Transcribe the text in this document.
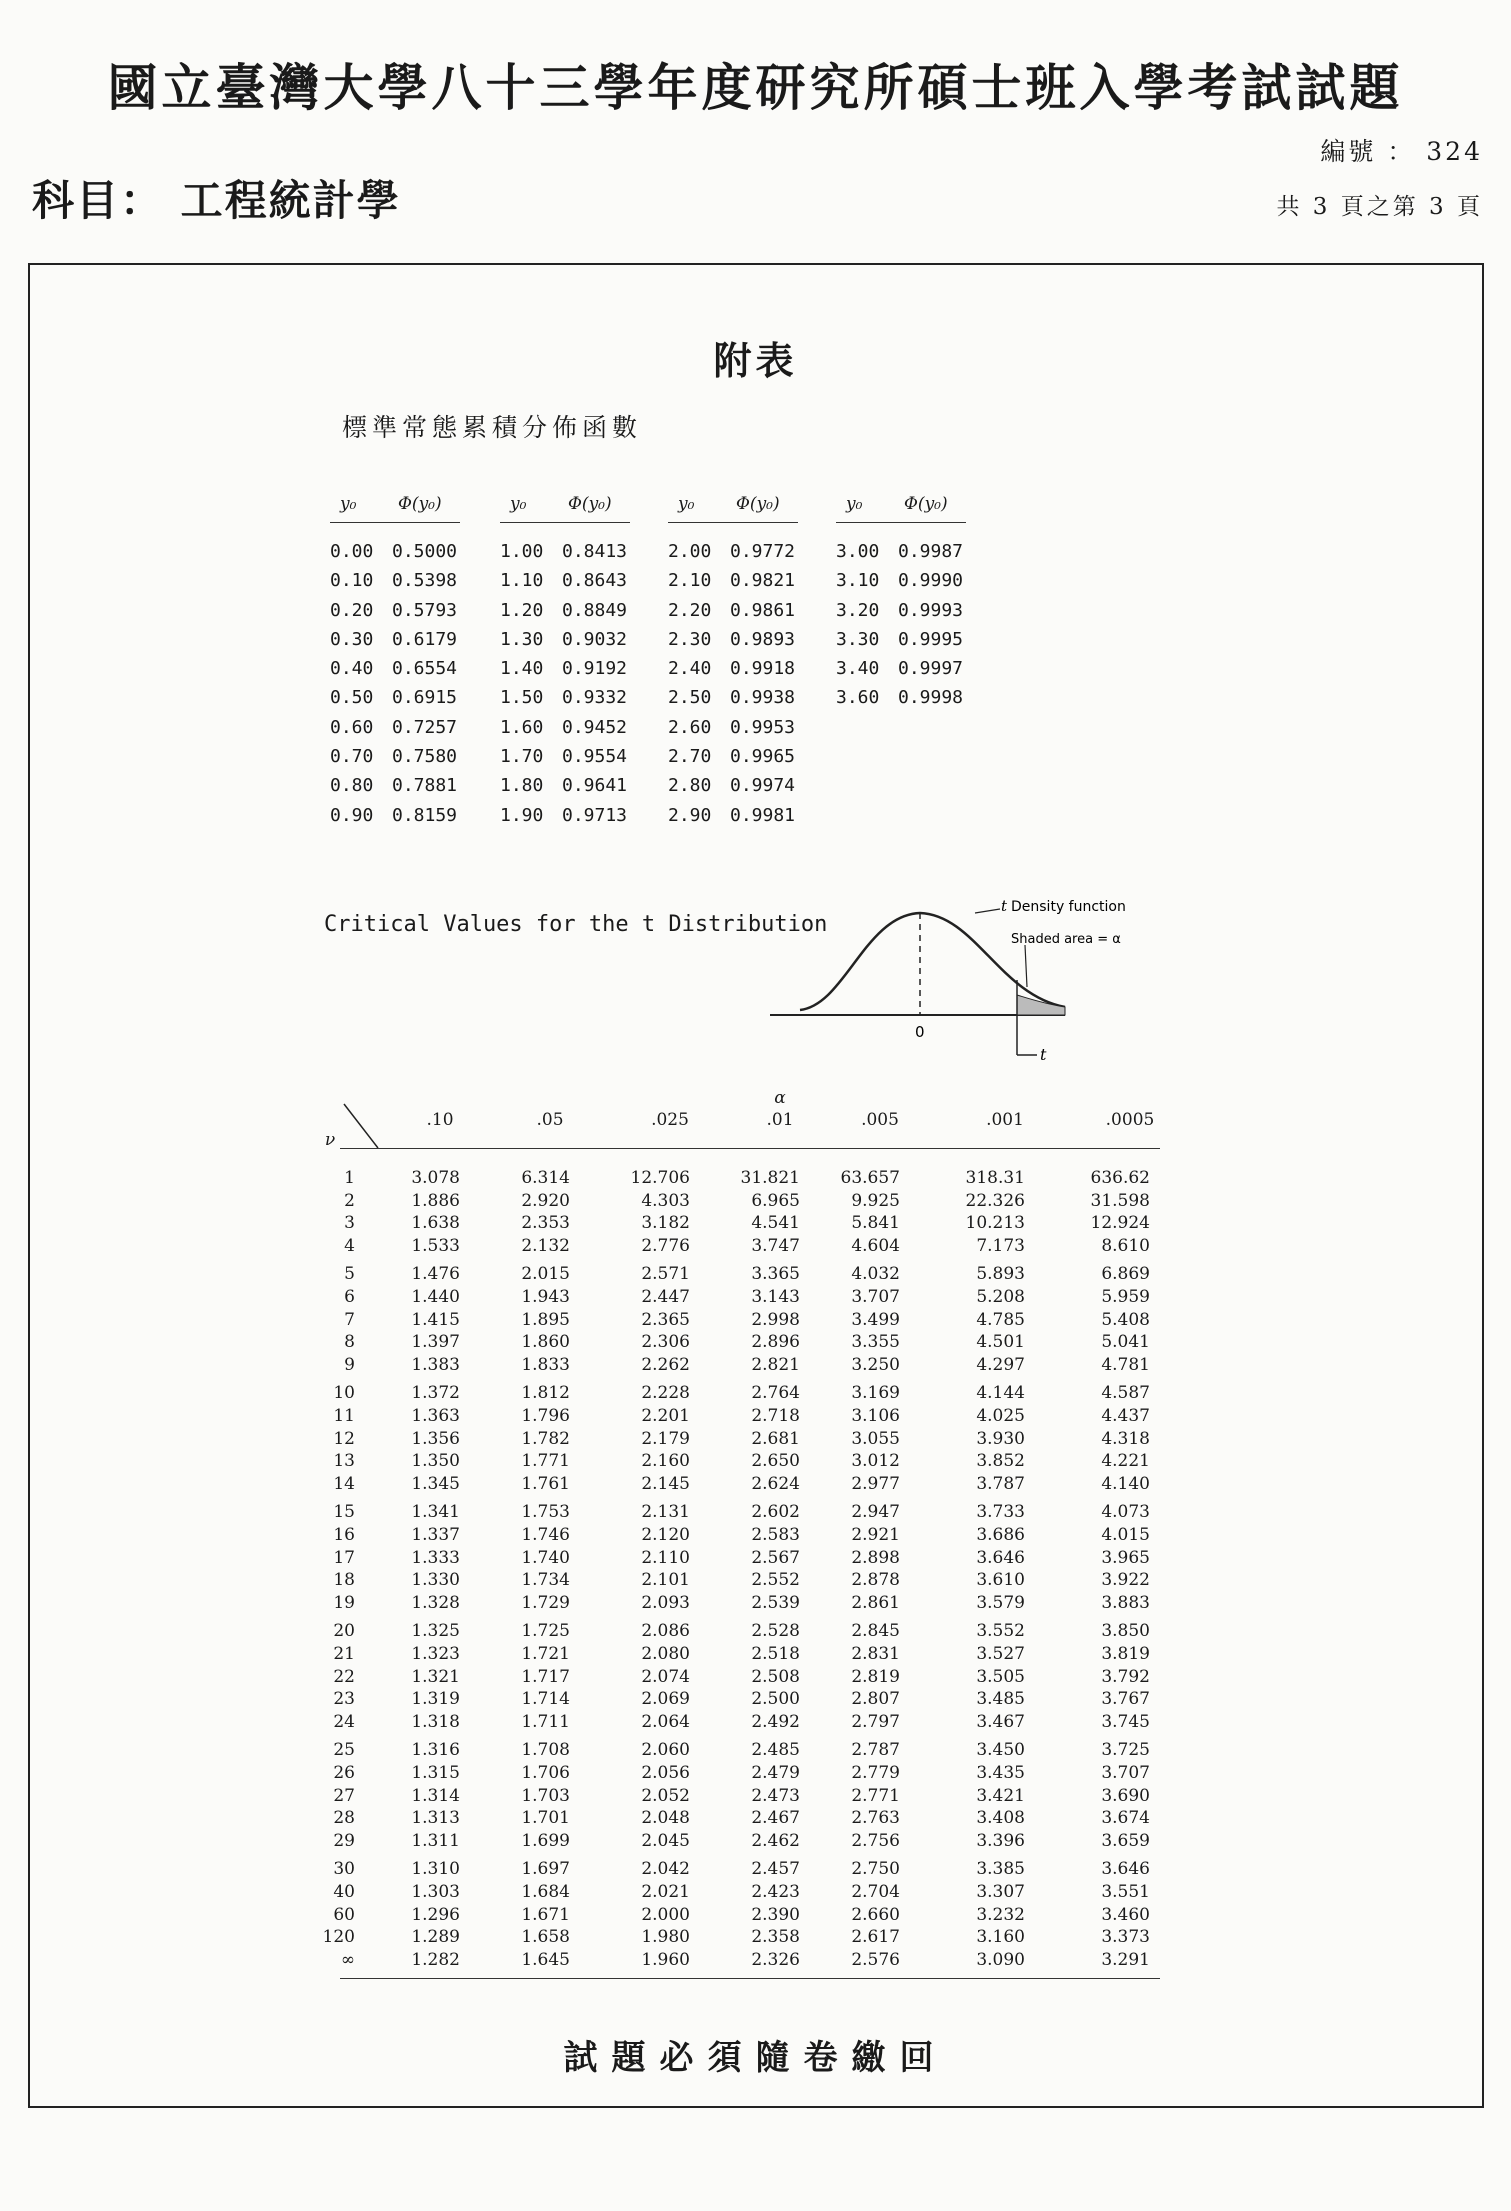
國立臺灣大學八十三學年度研究所碩士班入學考試試題
編號 ： 324
科目： 工程統計學	共 3 頁之第 3 頁
附表
標準常態累積分佈函數
y₀ Φ(y₀)
0.00 0.5000
0.10 0.5398
0.20 0.5793
0.30 0.6179
0.40 0.6554
0.50 0.6915
0.60 0.7257
0.70 0.7580
0.80 0.7881
0.90 0.8159
y₀ Φ(y₀)
1.00 0.8413
1.10 0.8643
1.20 0.8849
1.30 0.9032
1.40 0.9192
1.50 0.9332
1.60 0.9452
1.70 0.9554
1.80 0.9641
1.90 0.9713
y₀ Φ(y₀)
2.00 0.9772
2.10 0.9821
2.20 0.9861
2.30 0.9893
2.40 0.9918
2.50 0.9938
2.60 0.9953
2.70 0.9965
2.80 0.9974
2.90 0.9981
y₀ Φ(y₀)
3.00 0.9987
3.10 0.9990
3.20 0.9993
3.30 0.9995
3.40 0.9997
3.60 0.9998
Critical Values for the t Distribution
t Density function
Shaded area = α
0
t
ν
α
.10	.05	.025	.01	.005	.001	.0005
1	3.078	6.314	12.706	31.821	63.657	318.31	636.62
2	1.886	2.920	4.303	6.965	9.925	22.326	31.598
3	1.638	2.353	3.182	4.541	5.841	10.213	12.924
4	1.533	2.132	2.776	3.747	4.604	7.173	8.610
5	1.476	2.015	2.571	3.365	4.032	5.893	6.869
6	1.440	1.943	2.447	3.143	3.707	5.208	5.959
7	1.415	1.895	2.365	2.998	3.499	4.785	5.408
8	1.397	1.860	2.306	2.896	3.355	4.501	5.041
9	1.383	1.833	2.262	2.821	3.250	4.297	4.781
10	1.372	1.812	2.228	2.764	3.169	4.144	4.587
11	1.363	1.796	2.201	2.718	3.106	4.025	4.437
12	1.356	1.782	2.179	2.681	3.055	3.930	4.318
13	1.350	1.771	2.160	2.650	3.012	3.852	4.221
14	1.345	1.761	2.145	2.624	2.977	3.787	4.140
15	1.341	1.753	2.131	2.602	2.947	3.733	4.073
16	1.337	1.746	2.120	2.583	2.921	3.686	4.015
17	1.333	1.740	2.110	2.567	2.898	3.646	3.965
18	1.330	1.734	2.101	2.552	2.878	3.610	3.922
19	1.328	1.729	2.093	2.539	2.861	3.579	3.883
20	1.325	1.725	2.086	2.528	2.845	3.552	3.850
21	1.323	1.721	2.080	2.518	2.831	3.527	3.819
22	1.321	1.717	2.074	2.508	2.819	3.505	3.792
23	1.319	1.714	2.069	2.500	2.807	3.485	3.767
24	1.318	1.711	2.064	2.492	2.797	3.467	3.745
25	1.316	1.708	2.060	2.485	2.787	3.450	3.725
26	1.315	1.706	2.056	2.479	2.779	3.435	3.707
27	1.314	1.703	2.052	2.473	2.771	3.421	3.690
28	1.313	1.701	2.048	2.467	2.763	3.408	3.674
29	1.311	1.699	2.045	2.462	2.756	3.396	3.659
30	1.310	1.697	2.042	2.457	2.750	3.385	3.646
40	1.303	1.684	2.021	2.423	2.704	3.307	3.551
60	1.296	1.671	2.000	2.390	2.660	3.232	3.460
120	1.289	1.658	1.980	2.358	2.617	3.160	3.373
∞	1.282	1.645	1.960	2.326	2.576	3.090	3.291
試題必須隨卷繳回
